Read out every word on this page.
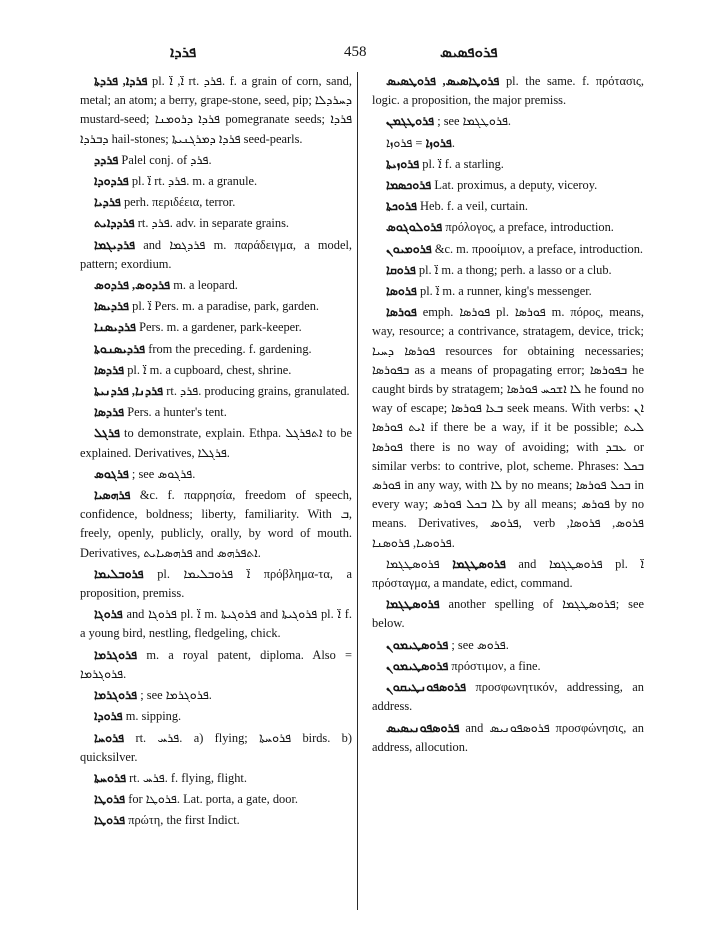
ܦܪܕܐ	458	ܦܪܘܦܣܝܣ

ܦܪܕܐ, ܦܪܕܬܐ pl. ܐ̈, ܐ̈ rt. ܦܪܕ. f. a grain of corn, sand, metal; an atom; a berry, grape-stone, seed, pip; ܕܚܪܕܠܐ mustard-seed; ܦܪܕܐ ܕܪܘܡܢܐ pomegranate seeds; ܦܪܕܐ ܕܒܪܕܐ hail-stones; ܦܪܕܐ ܕܡܪܓܢܝܬܐ seed-pearls.

ܦܪܕܕ Palel conj. of ܦܪܕ.

ܦܪܕܘܕܐ pl. ܐ̈ rt. ܦܪܕ. m. a granule.

ܦܪܕܝܐ perh. περιδέεια, terror.

ܦܪܕܕܐܝܬ rt. ܦܪܕ. adv. in separate grains.

ܦܪܕܝܓܡܐ and ܦܪܕܓܡܐ m. παράδειγμα, a model, pattern; exordium.

ܦܪܕܘܣ, ܦܪܕܘܣ m. a leopard.

ܦܪܕܝܣܐ pl. ܐ̈ Pers. m. a paradise, park, garden.

ܦܪܕܝܣܢܐ Pers. m. a gardener, park-keeper.

ܦܪܕܝܣܢܘܬܐ from the preceding. f. gardening.

ܦܪܕܣܐ pl. ܐ̈ m. a cupboard, chest, shrine.

ܦܪܕܢܐ, ܦܪܕܢܝܬܐ rt. ܦܪܕ. producing grains, granulated.

ܦܪܕܣܐ Pers. a hunter's tent.

ܦܪܓܠ to demonstrate, explain. Ethpa. ܐܬܦܪܓܠ to be explained. Derivatives, ܦܪܓܠܐ.

ܦܪܓܘܣ ; see ܦܪܓܘܣ.

ܦܪܗܣܝܐ &c. f. παρρησία, freedom of speech, confidence, boldness; liberty, familiarity. With ܒ, freely, openly, publicly, orally, by word of mouth. Derivatives, ܦܪܗܣܝܐܝܬ and ܐܬܦܪܗܣ.

ܦܪܘܒܠܝܡܐ pl. ܐ̈ ܦܪܘܒܠܝܡܐ πρόβλημα-τα, a proposition, premiss.

ܦܪܘܓܐ and ܦܪܘܓܐ pl. ܐ̈ m. ܦܪܘܓܝܬܐ and ܦܪܘܓܝܬܐ pl. ܐ̈ f. a young bird, nestling, fledgeling, chick.

ܦܪܘܓܪܡܐ m. a royal patent, diploma. Also = ܦܪܘܓܪܡܐ.

ܦܪܘܓܪܡܐ ; see ܦܪܘܓܪܡܐ.

ܦܪܘܕܐ m. sipping.

ܦܪܘܚܐ rt. ܦܪܚ. a) flying; ܦܪܘܚܬܐ birds. b) quicksilver.

ܦܪܘܚܬܐ rt. ܦܪܚ. f. flying, flight.

ܦܪܘܛܐ for ܦܪܘܛܐ. Lat. porta, a gate, door.

ܦܪܘܛܐ πρώτη, the first Indict.

ܦܪܘܛܐܣܝܣ, ܦܪܘܛܣܝܣ pl. the same. f. πρότασις, logic. a proposition, the major premiss.

ܦܪܘܛܓܡܢ ; see ܦܪܘܛܓܡܐ.

ܦܪܘܙܐ = ܦܪܘܙܐ.

ܦܪܘܙܝܬܐ pl. ܐ̈ f. a starling.

ܦܪܘܟܣܡܐ Lat. proximus, a deputy, viceroy.

ܦܪܘܟܬܐ Heb. f. a veil, curtain.

ܦܪܘܠܘܓܘܣ πρόλογος, a preface, introduction.

ܦܪܘܡܝܘܢ &c. m. προοίμιον, a preface, introduction.

ܦܪܘܩܐ pl. ܐ̈ m. a thong; perh. a lasso or a club.

ܦܪܘܣܐ pl. ܐ̈ m. a runner, king's messenger.

ܦܘܪܣܐ emph. ܦܘܪܣܐ pl. ܦܘܪܣܐ m. πόρος, means, way, resource; a contrivance, stratagem, device, trick; ܦܘܪܣܐ ܕܚܝܐ resources for obtaining necessaries; ܒܦܘܪܣܐ as a means of propagating error; ܒܦܘܪܣܐ he caught birds by stratagem; ܠܐ ܐܫܟܚ ܦܘܪܣܐ he found no way of escape; ܒܥܐ ܦܘܪܣܐ seek means. With verbs: ܐܢ ܐܝܬ ܦܘܪܣܐ if there be a way, if it be possible; ܠܝܬ ܦܘܪܣܐ there is no way of avoiding; with ܥܒܕ or similar verbs: to contrive, plot, scheme. Phrases: ܒܟܠ ܦܘܪܣ in any way, with ܠܐ by no means; ܒܟܠ ܦܘܪܣܐ in every way; ܠܐ ܒܟܠ ܦܘܪܣ by all means; ܦܘܪܣ by no means. Derivatives, ܦܪܘܣ, verb ܦܪܘܣ, ܦܪܘܣܐ, ܦܪܘܣܝܐ, ܦܪܘܣܢܐ.

ܦܪܘܣܛܓܡܐ ܦܪܘܣܛܓܡܐ and ܦܪܘܣܛܓܡܐ pl. ܐ̈ πρόσταγμα, a mandate, edict, command.

ܦܪܘܣܛܓܡܐ another spelling of ܦܪܘܣܛܓܡܐ; see below.

ܦܪܘܣܛܝܡܘܢ ; see ܦܪܘܣ.

ܦܪܘܣܛܝܡܘܢ πρόστιμον, a fine.

ܦܪܘܣܦܘܢܛܝܩܘܢ προσφωνητικόν, addressing, an address.

ܦܪܘܣܦܘܢܝܣܝܣ and ܦܪܘܣܦܘܢܝܣ προσφώνησις, an address, allocution.
